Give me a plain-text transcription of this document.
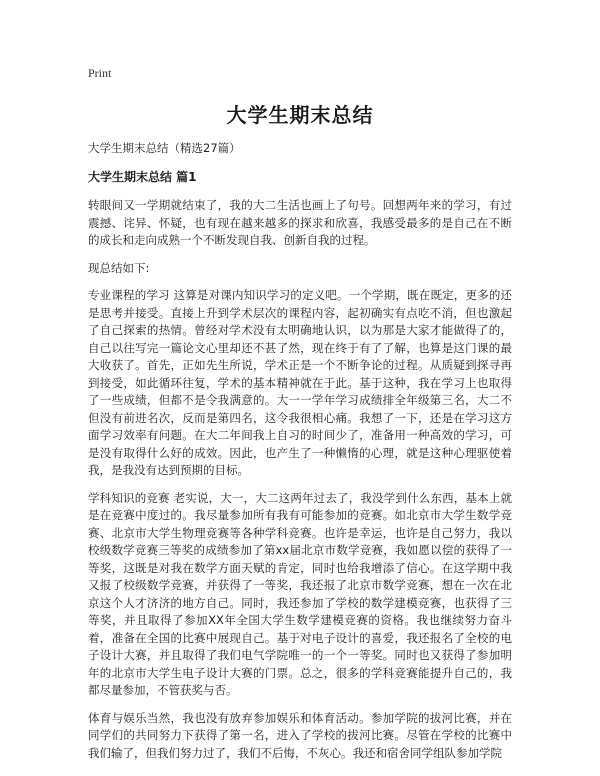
Print
大学生期末总结
大学生期末总结（精选27篇）
大学生期末总结 篇1

转眼间又一学期就结束了，我的大二生活也画上了句号。回想两年来的学习，有过震撼、诧异、怀疑，也有现在越来越多的探求和欣喜，我感受最多的是自己在不断的成长和走向成熟一个不断发现自我、创新自我的过程。

现总结如下:

专业课程的学习 这算是对课内知识学习的定义吧。一个学期，既在既定，更多的还是思考并接受。直接上升到学术层次的课程内容，起初确实有点吃不消，但也激起了自己探索的热情。曾经对学术没有太明确地认识，以为那是大家才能做得了的，自己以往写完一篇论文心里却还不甚了然，现在终于有了了解，也算是这门课的最大收获了。首先，正如先生所说，学术正是一个不断争论的过程。从质疑到探寻再到接受，如此循环往复，学术的基本精神就在于此。基于这种，我在学习上也取得了一些成绩，但都不是令我满意的。大一一学年学习成绩排全年级第三名，大二不但没有前进名次，反而是第四名，这令我很相心痛。我想了一下，还是在学习这方面学习效率有问题。在大二年间我上自习的时间少了，准备用一种高效的学习，可是没有取得什么好的成效。因此，也产生了一种懒惰的心理，就是这种心理驱使着我，是我没有达到预期的目标。

学科知识的竞赛 老实说，大一，大二这两年过去了，我没学到什么东西，基本上就是在竞赛中度过的。我尽量参加所有我有可能参加的竞赛。如北京市大学生数学竞赛、北京市大学生物理竞赛等各种学科竞赛。也许是幸运，也许是自己努力，我以校级数学竞赛三等奖的成绩参加了第xx届北京市数学竞赛，我如愿以偿的获得了一等奖，这既是对我在数学方面天赋的肯定，同时也给我增添了信心。在这学期中我又报了校级数学竞赛，并获得了一等奖，我还报了北京市数学竞赛，想在一次在北京这个人才济济的地方自己。同时，我还参加了学校的数学建模竞赛，也获得了三等奖，并且取得了参加XX年全国大学生数学建模竞赛的资格。我也继续努力奋斗着，准备在全国的比赛中展现自己。基于对电子设计的喜爱，我还报名了全校的电子设计大赛，并且取得了我们电气学院唯一的一个一等奖。同时也又获得了参加明年的北京市大学生电子设计大赛的门票。总之，很多的学科竞赛能提升自己的，我都尽量参加，不管获奖与否。

体育与娱乐当然，我也没有放弃参加娱乐和体育活动。参加学院的拔河比赛，并在同学们的共同努力下获得了第一名，进入了学校的拔河比赛。尽管在学校的比赛中我们输了，但我们努力过了，我们不后悔，不灰心。我还和宿舍同学组队参加学院
